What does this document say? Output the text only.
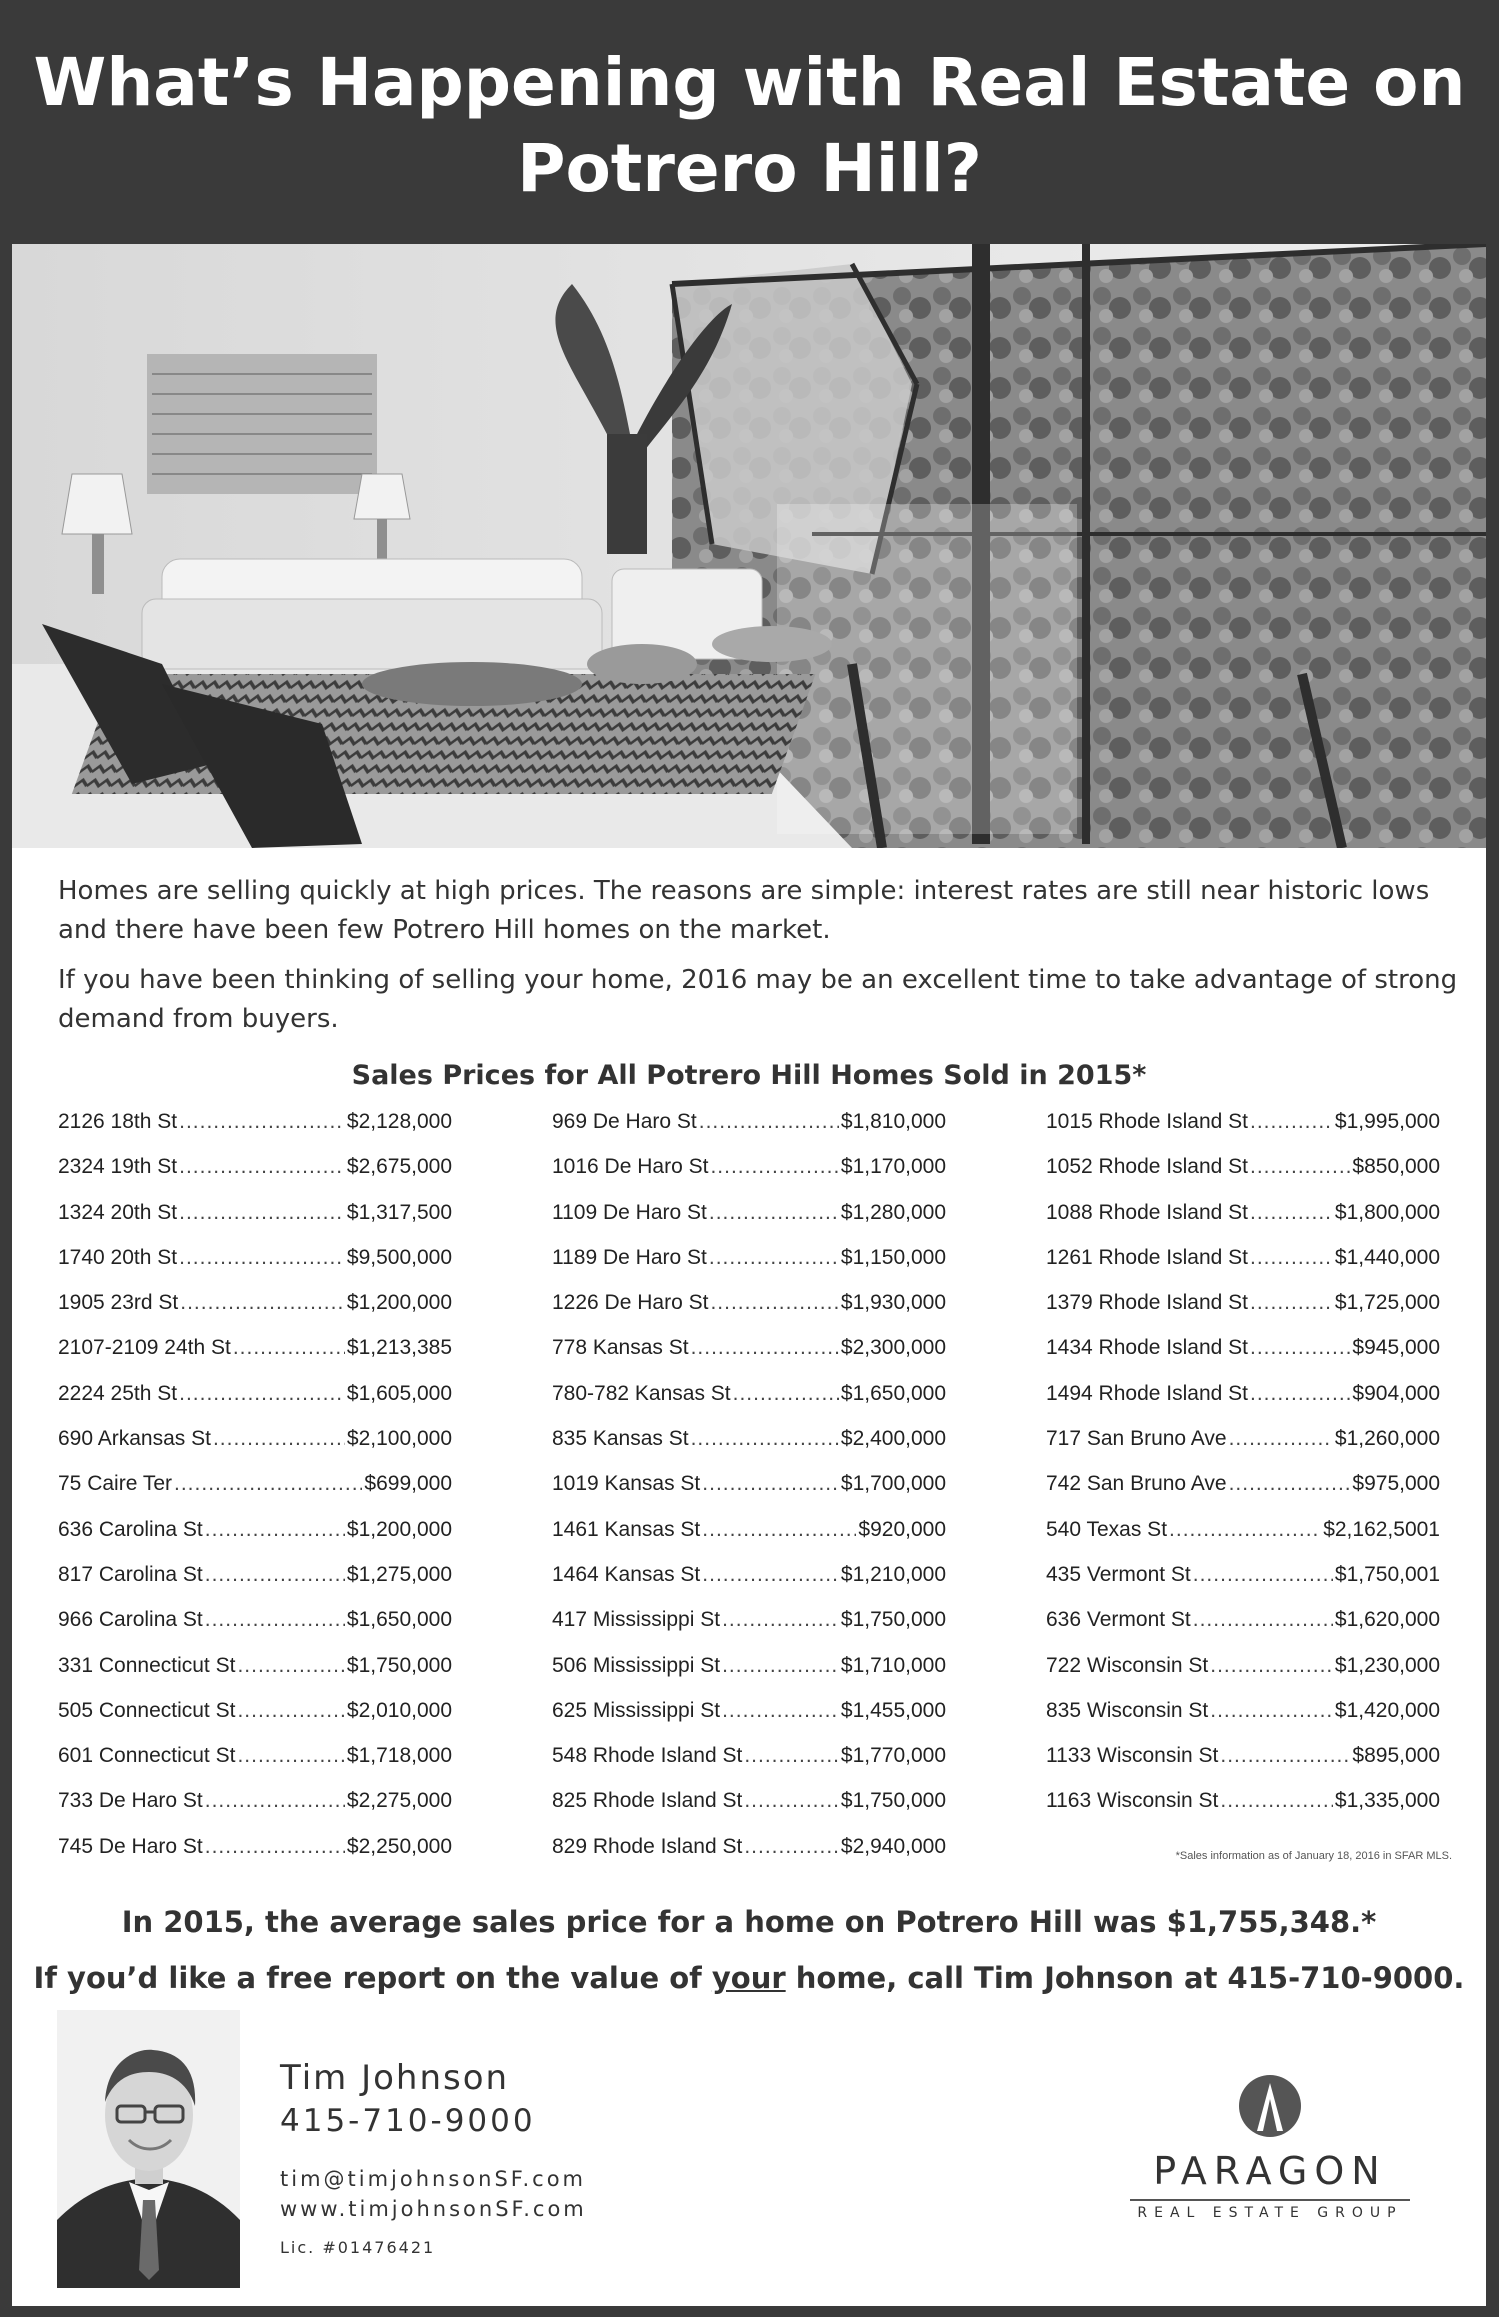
What’s Happening with Real Estate on
Potrero Hill?

Homes are selling quickly at high prices. The reasons are simple: interest rates are still near historic lows and there have been few Potrero Hill homes on the market.

If you have been thinking of selling your home, 2016 may be an excellent time to take advantage of strong demand from buyers.

Sales Prices for All Potrero Hill Homes Sold in 2015*
2126 18th St .....	$2,128,000
2324 19th St .....	$2,675,000
1324 20th St .....	$1,317,500
1740 20th St .....	$9,500,000
1905 23rd St .....	$1,200,000
2107-2109 24th St .....	$1,213,385
2224 25th St .....	$1,605,000
690 Arkansas St .....	$2,100,000
75 Caire Ter .....	$699,000
636 Carolina St .....	$1,200,000
817 Carolina St .....	$1,275,000
966 Carolina St .....	$1,650,000
331 Connecticut St .....	$1,750,000
505 Connecticut St .....	$2,010,000
601 Connecticut St .....	$1,718,000
733 De Haro St .....	$2,275,000
745 De Haro St .....	$2,250,000
969 De Haro St .....	$1,810,000
1016 De Haro St .....	$1,170,000
1109 De Haro St .....	$1,280,000
1189 De Haro St .....	$1,150,000
1226 De Haro St .....	$1,930,000
778 Kansas St .....	$2,300,000
780-782 Kansas St .....	$1,650,000
835 Kansas St .....	$2,400,000
1019 Kansas St .....	$1,700,000
1461 Kansas St .....	$920,000
1464 Kansas St .....	$1,210,000
417 Mississippi St .....	$1,750,000
506 Mississippi St .....	$1,710,000
625 Mississippi St .....	$1,455,000
548 Rhode Island St .....	$1,770,000
825 Rhode Island St .....	$1,750,000
829 Rhode Island St .....	$2,940,000
1015 Rhode Island St .....	$1,995,000
1052 Rhode Island St .....	$850,000
1088 Rhode Island St .....	$1,800,000
1261 Rhode Island St .....	$1,440,000
1379 Rhode Island St .....	$1,725,000
1434 Rhode Island St .....	$945,000
1494 Rhode Island St .....	$904,000
717 San Bruno Ave .....	$1,260,000
742 San Bruno Ave .....	$975,000
540 Texas St .....	$2,162,5001
435 Vermont St .....	$1,750,001
636 Vermont St .....	$1,620,000
722 Wisconsin St .....	$1,230,000
835 Wisconsin St .....	$1,420,000
1133 Wisconsin St .....	$895,000
1163 Wisconsin St .....	$1,335,000
*Sales information as of January 18, 2016 in SFAR MLS.
In 2015, the average sales price for a home on Potrero Hill was $1,755,348.*
If you’d like a free report on the value of your home, call Tim Johnson at 415-710-9000.
Tim Johnson
415-710-9000
tim@timjohnsonSF.com
www.timjohnsonSF.com
Lic. #01476421
PARAGON
REAL ESTATE GROUP
